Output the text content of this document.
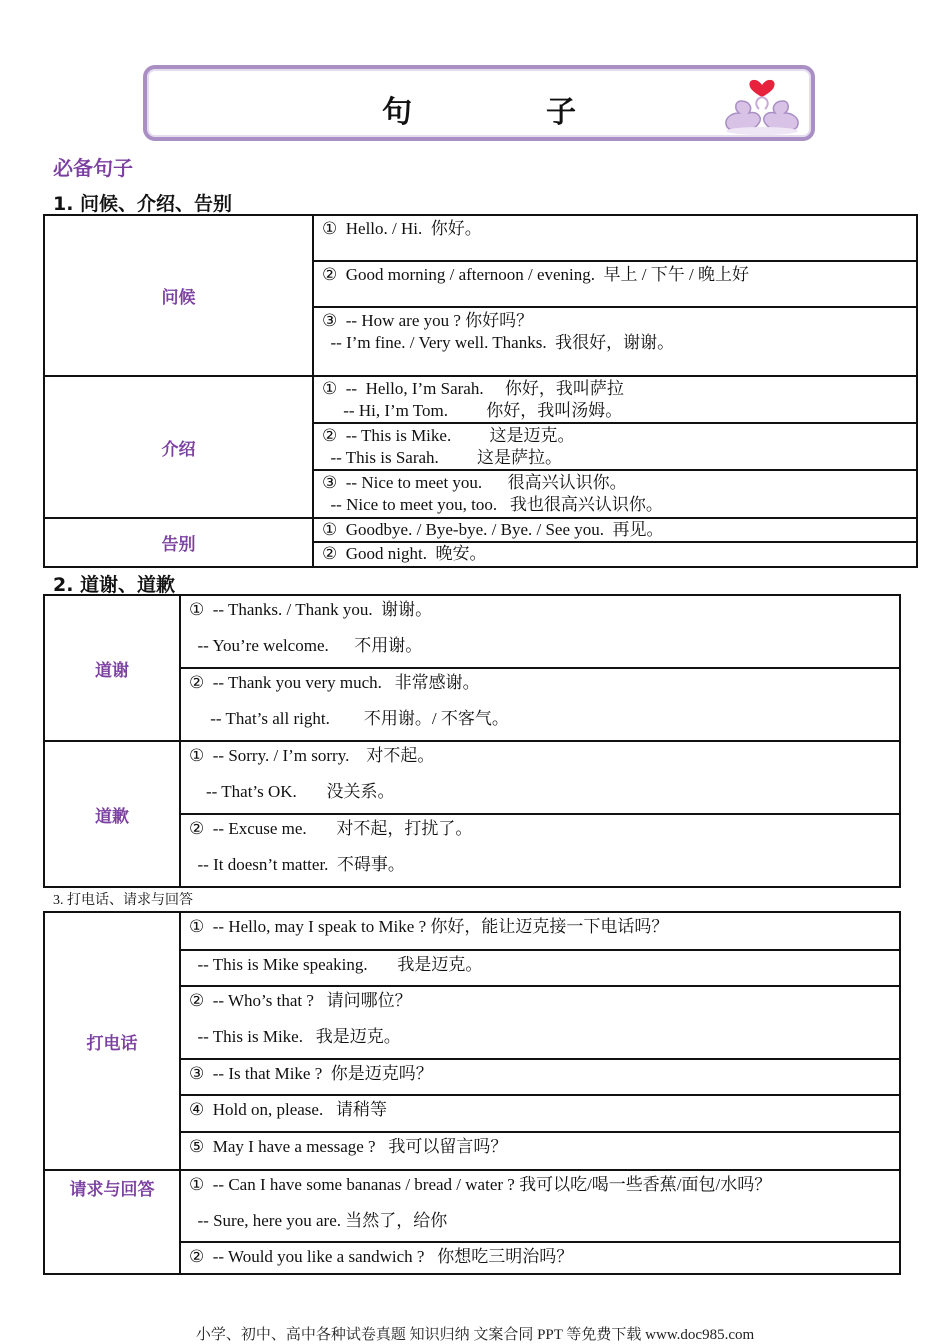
句　子
必备句子
1. 问候、介绍、告别
问候	①  Hello. / Hi.  你好。

	②  Good morning / afternoon / evening.  早上 / 下午 / 晚上好

	③  -- How are you ? 你好吗？
-- I’m fine. / Very well. Thanks.  我很好，谢谢。

介绍	①  --  Hello, I’m Sarah.     你好，我叫萨拉
-- Hi, I’m Tom.         你好，我叫汤姆。

	②  -- This is Mike.         这是迈克。
-- This is Sarah.         这是萨拉。

	③  -- Nice to meet you.      很高兴认识你。
-- Nice to meet you, too.   我也很高兴认识你。

告别	①  Goodbye. / Bye-bye. / Bye. / See you.  再见。

	②  Good night.  晚安。
2. 道谢、道歉
道谢	①  -- Thanks. / Thank you.  谢谢。
-- You’re welcome.      不用谢。

	②  -- Thank you very much.   非常感谢。
-- That’s all right.        不用谢。/ 不客气。

道歉	①  -- Sorry. / I’m sorry.    对不起。
-- That’s OK.       没关系。

	②  -- Excuse me.       对不起，打扰了。
-- It doesn’t matter.  不碍事。
3. 打电话、请求与回答
打电话	①  -- Hello, may I speak to Mike ? 你好，能让迈克接一下电话吗？

	-- This is Mike speaking.       我是迈克。

	②  -- Who’s that ?   请问哪位？
-- This is Mike.   我是迈克。

	③  -- Is that Mike ?  你是迈克吗？

	④  Hold on, please.   请稍等

	⑤  May I have a message ?   我可以留言吗？

请求与回答	①  -- Can I have some bananas / bread / water ? 我可以吃/喝一些香蕉/面包/水吗？
-- Sure, here you are. 当然了，给你

	②  -- Would you like a sandwich ?   你想吃三明治吗？
小学、初中、高中各种试卷真题 知识归纳 文案合同 PPT 等免费下载 www.doc985.com
